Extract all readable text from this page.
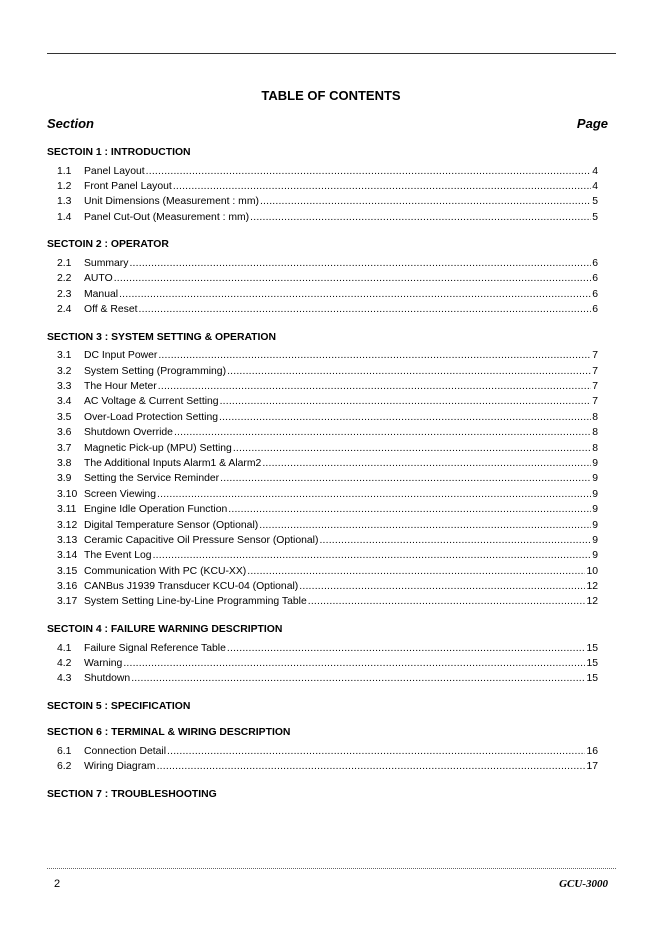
TABLE OF CONTENTS
Section	Page
SECTOIN 1 : INTRODUCTION
1.1	Panel Layout .....	4
1.2	Front Panel Layout .....	4
1.3	Unit Dimensions (Measurement : mm) .....	5
1.4	Panel Cut-Out (Measurement : mm) .....	5
SECTOIN 2 : OPERATOR
2.1	Summary .....	6
2.2	AUTO .....	6
2.3	Manual .....	6
2.4	Off & Reset .....	6
SECTION 3 : SYSTEM SETTING & OPERATION
3.1	DC Input Power .....	7
3.2	System Setting (Programming) .....	7
3.3	The Hour Meter .....	7
3.4	AC Voltage & Current Setting .....	7
3.5	Over-Load Protection Setting .....	8
3.6	Shutdown Override .....	8
3.7	Magnetic Pick-up (MPU) Setting .....	8
3.8	The Additional Inputs Alarm1 & Alarm2 .....	9
3.9	Setting the Service Reminder .....	9
3.10 Screen Viewing .....	9
3.11 Engine Idle Operation Function .....	9
3.12 Digital Temperature Sensor (Optional) .....	9
3.13 Ceramic Capacitive Oil Pressure Sensor (Optional) .....	9
3.14 The Event Log .....	9
3.15 Communication With PC (KCU-XX) .....	10
3.16 CANBus J1939 Transducer KCU-04 (Optional) .....	12
3.17 System Setting Line-by-Line Programming Table .....	12
SECTOIN 4 : FAILURE WARNING DESCRIPTION
4.1	Failure Signal Reference Table .....	15
4.2	Warning .....	15
4.3	Shutdown .....	15
SECTOIN 5 : SPECIFICATION
SECTION 6 : TERMINAL & WIRING DESCRIPTION
6.1	Connection Detail .....	16
6.2	Wiring Diagram .....	17
SECTION 7 : TROUBLESHOOTING
2	GCU-3000
